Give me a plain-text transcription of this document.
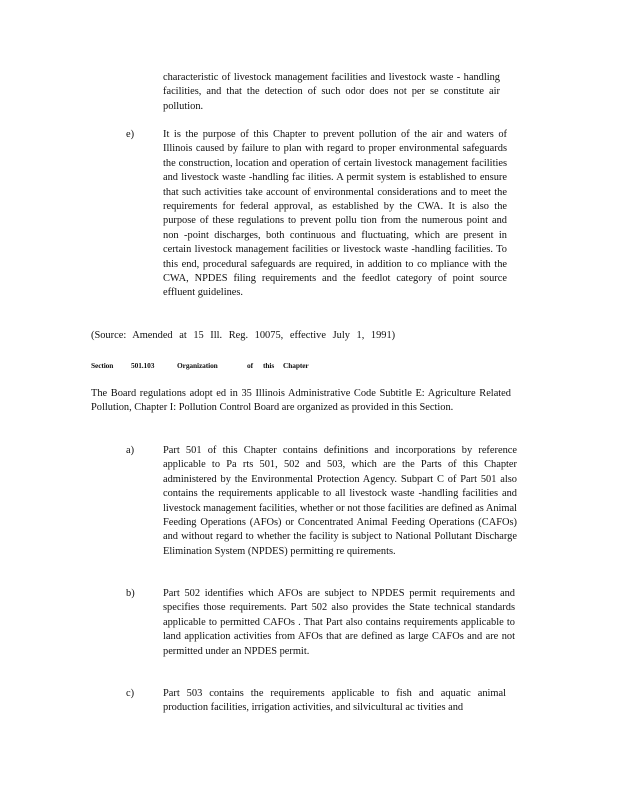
characteristic of livestock management facilities and livestock waste - handling facilities, and that the detection of such odor does not per se constitute air pollution.

e)	It is the purpose of this Chapter to prevent pollution of the air and waters of Illinois caused by failure to plan with regard to proper environmental safeguards the construction, location and operation of certain livestock management facilities and livestock waste -handling fac ilities. A permit system is established to ensure that such activities take account of environmental considerations and to meet the requirements for federal approval, as established by the CWA. It is also the purpose of these regulations to prevent pollu tion from the numerous point and non -point discharges, both continuous and fluctuating, which are present in certain livestock management facilities or livestock waste -handling facilities. To this end, procedural safeguards are required, in addition to co mpliance with the CWA, NPDES filing requirements and the feedlot category of point source effluent guidelines.

(Source: Amended at 15 Ill. Reg. 10075, effective July 1, 1991)

Section 501.103	Organization	of this Chapter

The Board regulations adopt ed in 35 Illinois Administrative Code Subtitle E: Agriculture Related Pollution, Chapter I: Pollution Control Board are organized as provided in this Section.

a)	Part 501 of this Chapter contains definitions and incorporations by reference applicable to Pa rts 501, 502 and 503, which are the Parts of this Chapter administered by the Environmental Protection Agency. Subpart C of Part 501 also contains the requirements applicable to all livestock waste -handling facilities and livestock management facilities, whether or not those facilities are defined as Animal Feeding Operations (AFOs) or Concentrated Animal Feeding Operations (CAFOs) and without regard to whether the facility is subject to National Pollutant Discharge Elimination System (NPDES) permitting re quirements.

b)	Part 502 identifies which AFOs are subject to NPDES permit requirements and specifies those requirements. Part 502 also provides the State technical standards applicable to permitted CAFOs . That Part also contains requirements applicable to land application activities from AFOs that are defined as large CAFOs and are not permitted under an NPDES permit.

c)	Part 503 contains the requirements applicable to fish and aquatic animal production facilities, irrigation activities, and silvicultural ac tivities and
